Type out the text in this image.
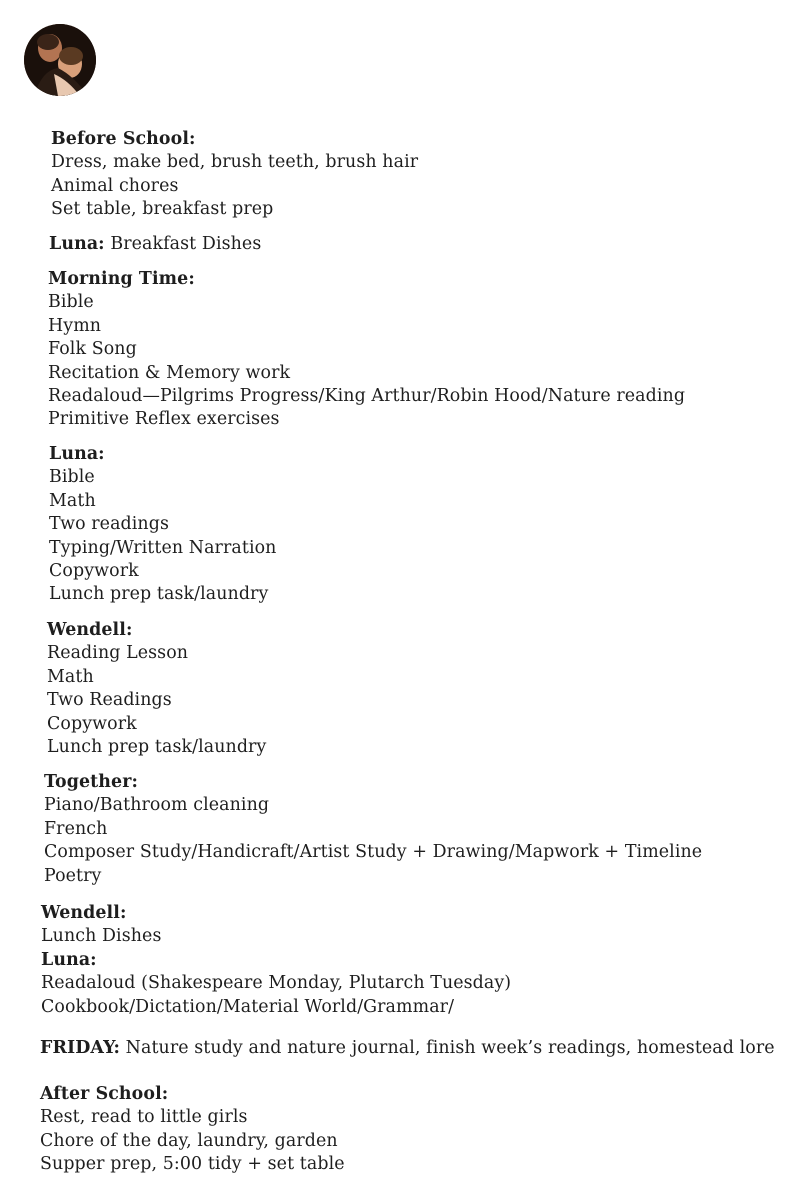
Before School:
Dress, make bed, brush teeth, brush hair
Animal chores
Set table, breakfast prep
Luna: Breakfast Dishes
Morning Time:
Bible
Hymn
Folk Song
Recitation & Memory work
Readaloud—Pilgrims Progress/King Arthur/Robin Hood/Nature reading
Primitive Reflex exercises
Luna:
Bible
Math
Two readings
Typing/Written Narration
Copywork
Lunch prep task/laundry
Wendell:
Reading Lesson
Math
Two Readings
Copywork
Lunch prep task/laundry
Together:
Piano/Bathroom cleaning
French
Composer Study/Handicraft/Artist Study + Drawing/Mapwork + Timeline
Poetry
Wendell:
Lunch Dishes
Luna:
Readaloud (Shakespeare Monday, Plutarch Tuesday)
Cookbook/Dictation/Material World/Grammar/
FRIDAY: Nature study and nature journal, finish week’s readings, homestead lore
After School:
Rest, read to little girls
Chore of the day, laundry, garden
Supper prep, 5:00 tidy + set table
